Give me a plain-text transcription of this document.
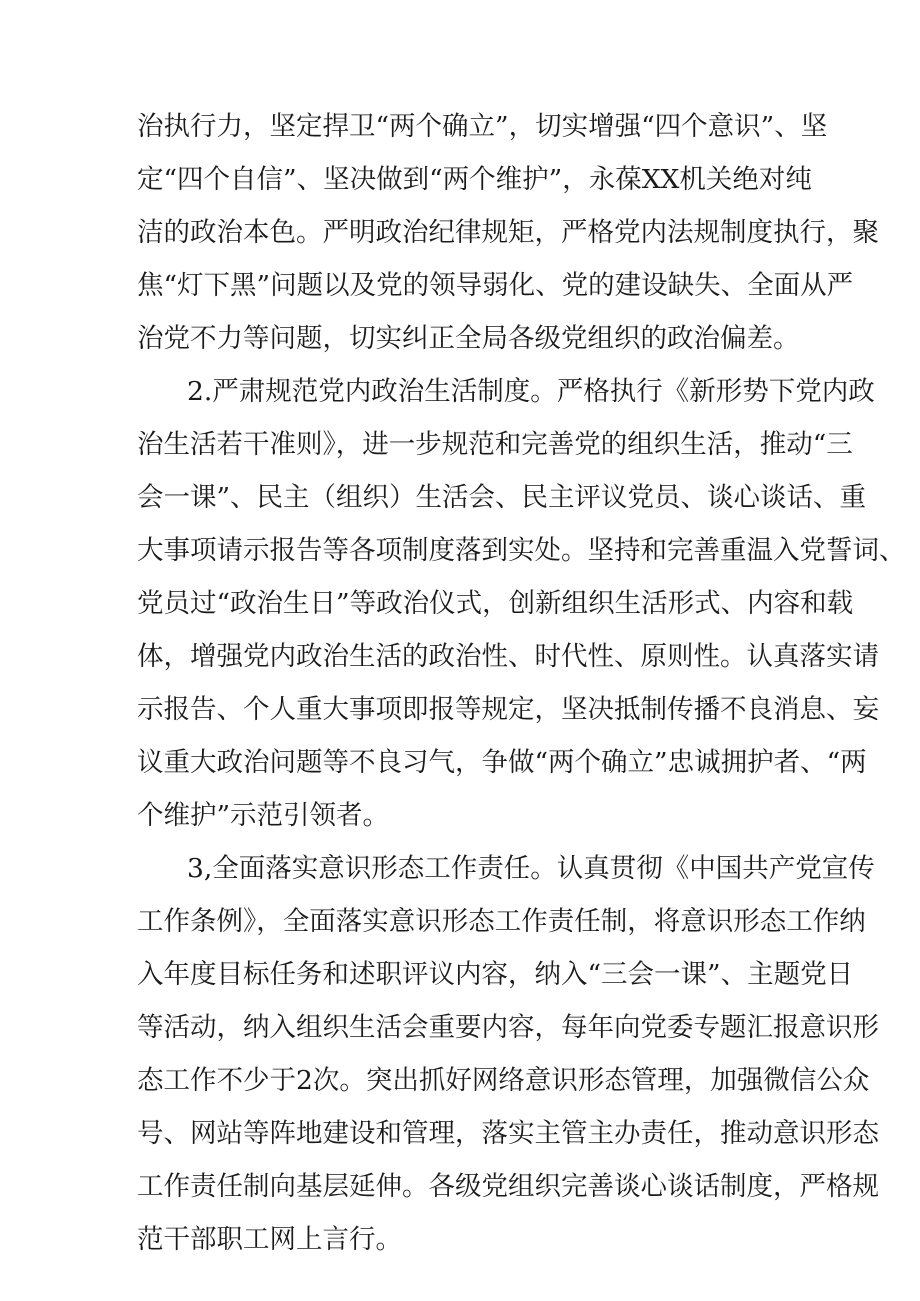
治执行力，坚定捍卫“两个确立”，切实增强“四个意识”、坚
定“四个自信”、坚决做到“两个维护”，永葆XX机关绝对纯
洁的政治本色。严明政治纪律规矩，严格党内法规制度执行，聚
焦“灯下黑”问题以及党的领导弱化、党的建设缺失、全面从严
治党不力等问题，切实纠正全局各级党组织的政治偏差。
2.严肃规范党内政治生活制度。严格执行《新形势下党内政
治生活若干准则》，进一步规范和完善党的组织生活，推动“三
会一课”、民主（组织）生活会、民主评议党员、谈心谈话、重
大事项请示报告等各项制度落到实处。坚持和完善重温入党誓词、
党员过“政治生日”等政治仪式，创新组织生活形式、内容和载
体，增强党内政治生活的政治性、时代性、原则性。认真落实请
示报告、个人重大事项即报等规定，坚决抵制传播不良消息、妄
议重大政治问题等不良习气，争做“两个确立”忠诚拥护者、“两
个维护”示范引领者。
3,全面落实意识形态工作责任。认真贯彻《中国共产党宣传
工作条例》，全面落实意识形态工作责任制，将意识形态工作纳
入年度目标任务和述职评议内容，纳入“三会一课”、主题党日
等活动，纳入组织生活会重要内容，每年向党委专题汇报意识形
态工作不少于2次。突出抓好网络意识形态管理，加强微信公众
号、网站等阵地建设和管理，落实主管主办责任，推动意识形态
工作责任制向基层延伸。各级党组织完善谈心谈话制度，严格规
范干部职工网上言行。
